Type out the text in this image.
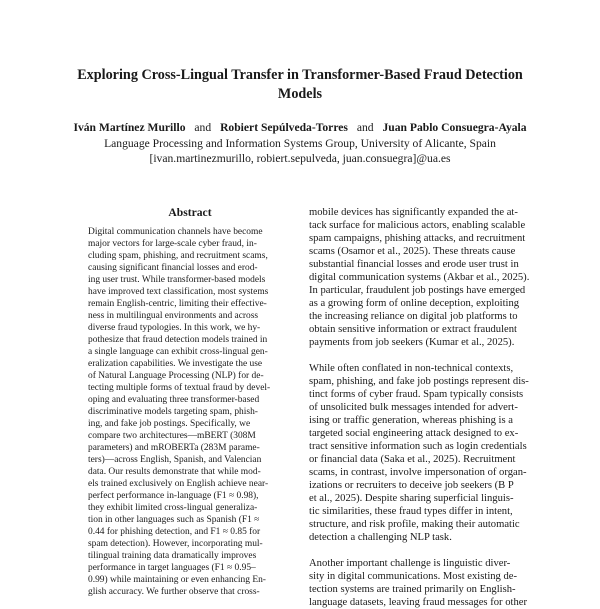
Exploring Cross-Lingual Transfer in Transformer-Based Fraud Detection
Models
Iván Martínez Murillo and Robiert Sepúlveda-Torres and Juan Pablo Consuegra-Ayala
Language Processing and Information Systems Group, University of Alicante, Spain
[ivan.martinezmurillo, robiert.sepulveda, juan.consuegra]@ua.es
Abstract
Digital communication channels have become
major vectors for large-scale cyber fraud, in-
cluding spam, phishing, and recruitment scams,
causing significant financial losses and erod-
ing user trust. While transformer-based models
have improved text classification, most systems
remain English-centric, limiting their effective-
ness in multilingual environments and across
diverse fraud typologies. In this work, we hy-
pothesize that fraud detection models trained in
a single language can exhibit cross-lingual gen-
eralization capabilities. We investigate the use
of Natural Language Processing (NLP) for de-
tecting multiple forms of textual fraud by devel-
oping and evaluating three transformer-based
discriminative models targeting spam, phish-
ing, and fake job postings. Specifically, we
compare two architectures—mBERT (308M
parameters) and mROBERTa (283M parame-
ters)—across English, Spanish, and Valencian
data. Our results demonstrate that while mod-
els trained exclusively on English achieve near-
perfect performance in-language (F1 ≈ 0.98),
they exhibit limited cross-lingual generaliza-
tion in other languages such as Spanish (F1 ≈
0.44 for phishing detection, and F1 ≈ 0.85 for
spam detection). However, incorporating mul-
tilingual training data dramatically improves
performance in target languages (F1 ≈ 0.95–
0.99) while maintaining or even enhancing En-
glish accuracy. We further observe that cross-
mobile devices has significantly expanded the at-
tack surface for malicious actors, enabling scalable
spam campaigns, phishing attacks, and recruitment
scams (Osamor et al., 2025). These threats cause
substantial financial losses and erode user trust in
digital communication systems (Akbar et al., 2025).
In particular, fraudulent job postings have emerged
as a growing form of online deception, exploiting
the increasing reliance on digital job platforms to
obtain sensitive information or extract fraudulent
payments from job seekers (Kumar et al., 2025).
While often conflated in non-technical contexts,
spam, phishing, and fake job postings represent dis-
tinct forms of cyber fraud. Spam typically consists
of unsolicited bulk messages intended for advert-
ising or traffic generation, whereas phishing is a
targeted social engineering attack designed to ex-
tract sensitive information such as login credentials
or financial data (Saka et al., 2025). Recruitment
scams, in contrast, involve impersonation of organ-
izations or recruiters to deceive job seekers (B P
et al., 2025). Despite sharing superficial linguis-
tic similarities, these fraud types differ in intent,
structure, and risk profile, making their automatic
detection a challenging NLP task.
Another important challenge is linguistic diver-
sity in digital communications. Most existing de-
tection systems are trained primarily on English-
language datasets, leaving fraud messages for other
